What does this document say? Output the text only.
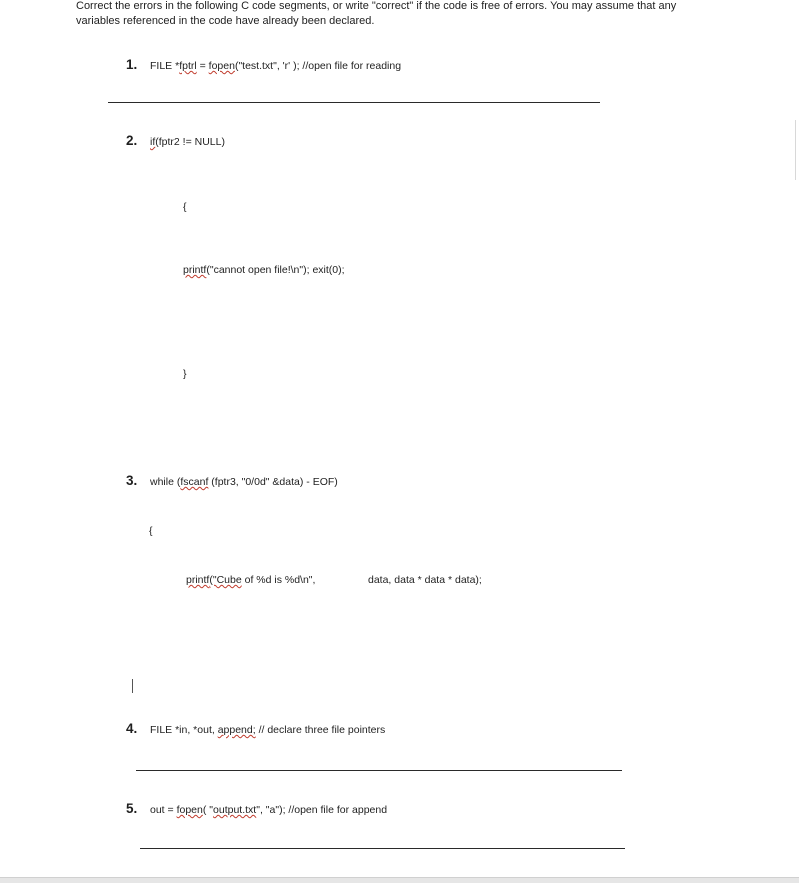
Correct the errors in the following C code segments, or write "correct" if the code is free of errors. You may assume that any
variables referenced in the code have already been declared.
1. FILE *fptrl = fopen("test.txt", 'r' ); //open file for reading
2. if(fptr2 != NULL)
{
printf("cannot open file!\n"); exit(0);
}
3. while (fscanf (fptr3, "0/0d" &data) - EOF)
{
printf("Cube of %d is %d\n",	data, data * data * data);
4. FILE *in, *out, append; // declare three file pointers
5. out = fopen( "output.txt", "a"); //open file for append
